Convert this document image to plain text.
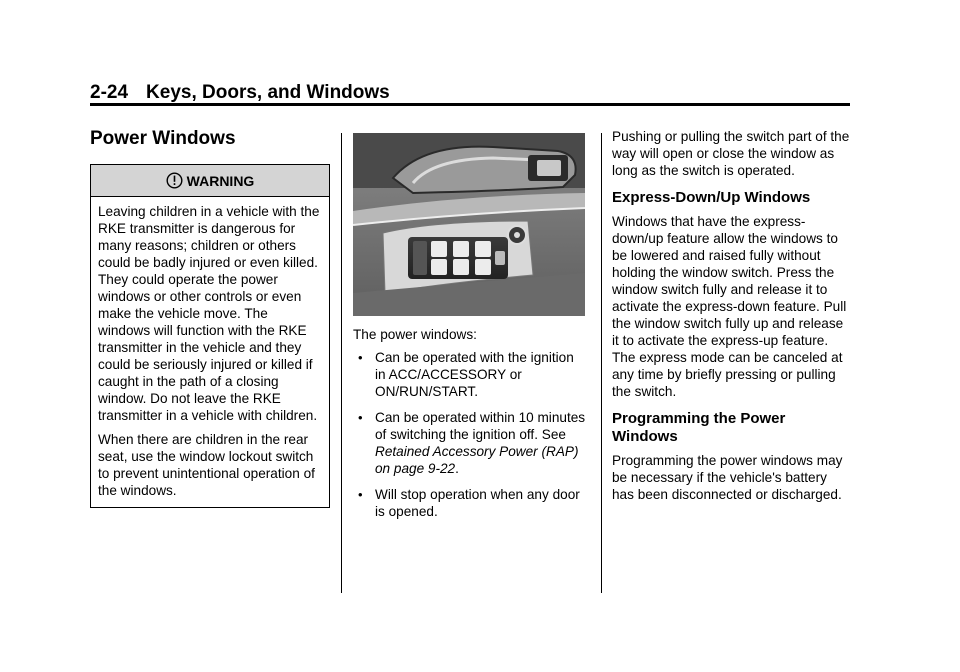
2-24 Keys, Doors, and Windows
Power Windows
WARNING

Leaving children in a vehicle with the RKE transmitter is dangerous for many reasons; children or others could be badly injured or even killed. They could operate the power windows or other controls or even make the vehicle move. The windows will function with the RKE transmitter in the vehicle and they could be seriously injured or killed if caught in the path of a closing window. Do not leave the RKE transmitter in a vehicle with children.

When there are children in the rear seat, use the window lockout switch to prevent unintentional operation of the windows.

The power windows:

• Can be operated with the ignition in ACC/ACCESSORY or ON/RUN/START.
• Can be operated within 10 minutes of switching the ignition off. See Retained Accessory Power (RAP) on page 9-22.
• Will stop operation when any door is opened.

Pushing or pulling the switch part of the way will open or close the window as long as the switch is operated.

Express-Down/Up Windows

Windows that have the express-down/up feature allow the windows to be lowered and raised fully without holding the window switch. Press the window switch fully and release it to activate the express-down feature. Pull the window switch fully up and release it to activate the express-up feature. The express mode can be canceled at any time by briefly pressing or pulling the switch.

Programming the Power Windows

Programming the power windows may be necessary if the vehicle's battery has been disconnected or discharged.
